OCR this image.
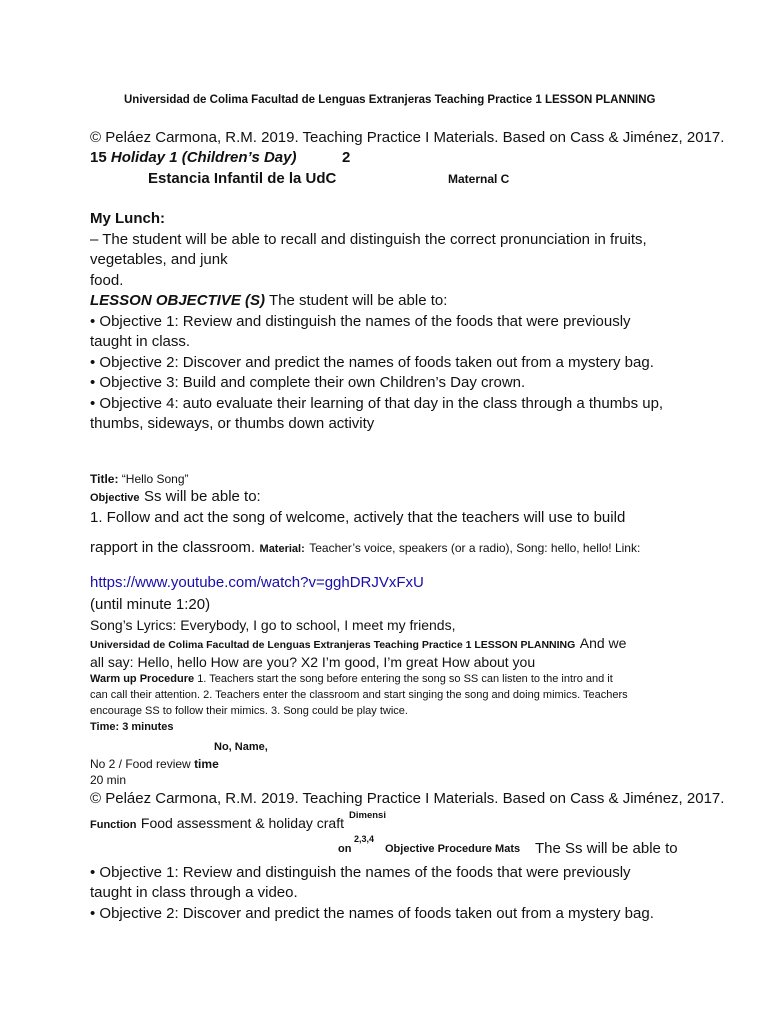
Universidad de Colima Facultad de Lenguas Extranjeras Teaching Practice 1 LESSON PLANNING
© Peláez Carmona, R.M. 2019. Teaching Practice I Materials. Based on Cass & Jiménez, 2017.
15 Holiday 1 (Children’s Day)	2
Estancia Infantil de la UdC	Maternal C
My Lunch:
– The student will be able to recall and distinguish the correct pronunciation in fruits,
vegetables, and junk
food.
LESSON OBJECTIVE (S) The student will be able to:
• Objective 1: Review and distinguish the names of the foods that were previously
taught in class.
• Objective 2: Discover and predict the names of foods taken out from a mystery bag.
• Objective 3: Build and complete their own Children’s Day crown.
• Objective 4: auto evaluate their learning of that day in the class through a thumbs up,
thumbs, sideways, or thumbs down activity
Title: “Hello Song”
Objective Ss will be able to:
1. Follow and act the song of welcome, actively that the teachers will use to build
rapport in the classroom. Material: Teacher’s voice, speakers (or a radio), Song: hello, hello! Link:
https://www.youtube.com/watch?v=gghDRJVxFxU
(until minute 1:20)
Song’s Lyrics: Everybody, I go to school, I meet my friends,
Universidad de Colima Facultad de Lenguas Extranjeras Teaching Practice 1 LESSON PLANNING And we
all say: Hello, hello How are you? X2 I’m good, I’m great How about you
Warm up Procedure 1. Teachers start the song before entering the song so SS can listen to the intro and it
can call their attention. 2. Teachers enter the classroom and start singing the song and doing mimics. Teachers
encourage SS to follow their mimics. 3. Song could be play twice.
Time: 3 minutes
No, Name,
No 2 / Food review time
20 min
© Peláez Carmona, R.M. 2019. Teaching Practice I Materials. Based on Cass & Jiménez, 2017.
Function Food assessment & holiday craft Dimensi
on
2,3,4
Objective Procedure Mats The Ss will be able to
• Objective 1: Review and distinguish the names of the foods that were previously
taught in class through a video.
• Objective 2: Discover and predict the names of foods taken out from a mystery bag.
